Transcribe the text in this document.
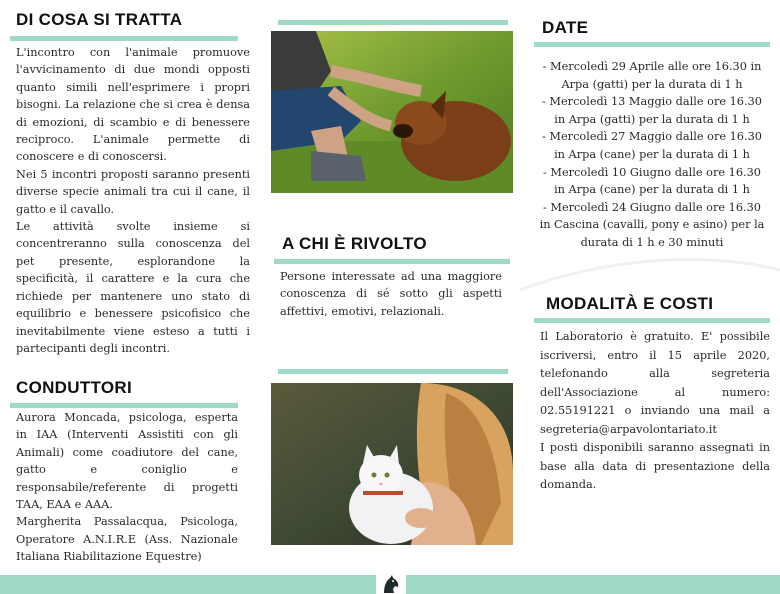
DI COSA SI TRATTA

L'incontro con l'animale promuove l'avvicinamento di due mondi opposti quanto simili nell'esprimere i propri bisogni. La relazione che si crea è densa di emozioni, di scambio e di benessere reciproco. L'animale permette di conoscere e di conoscersi.

Nei 5 incontri proposti saranno presenti diverse specie animali tra cui il cane, il gatto e il cavallo.

Le attività svolte insieme si concentreranno sulla conoscenza del pet presente, esplorandone la specificità, il carattere e la cura che richiede per mantenere uno stato di equilibrio e benessere psicofisico che inevitabilmente viene esteso a tutti i partecipanti degli incontri.

CONDUTTORI

Aurora Moncada, psicologa, esperta in IAA (Interventi Assistiti con gli Animali) come coadiutore del cane, gatto e coniglio e responsabile/referente di progetti TAA, EAA e AAA.

Margherita Passalacqua, Psicologa, Operatore A.N.I.R.E (Ass. Nazionale Italiana Riabilitazione Equestre)

A CHI È RIVOLTO
Persone interessate ad una maggiore conoscenza di sé sotto gli aspetti affettivi, emotivi, relazionali.
DATE
- Mercoledì 29 Aprile alle ore 16.30 in Arpa (gatti) per la durata di 1 h
- Mercoledì 13 Maggio dalle ore 16.30 in Arpa (gatti) per la durata di 1 h
- Mercoledì 27 Maggio dalle ore 16.30 in Arpa (cane) per la durata di 1 h
- Mercoledì 10 Giugno dalle ore 16.30 in Arpa (cane) per la durata di 1 h
- Mercoledì 24 Giugno dalle ore 16.30 in Cascina (cavalli, pony e asino) per la durata di 1 h e 30 minuti
MODALITÀ E COSTI

Il Laboratorio è gratuito. E' possibile iscriversi, entro il 15 aprile 2020, telefonando alla segreteria dell'Associazione al numero: 02.55191221 o inviando una mail a segreteria@arpavolontariato.it

I posti disponibili saranno assegnati in base alla data di presentazione della domanda.
